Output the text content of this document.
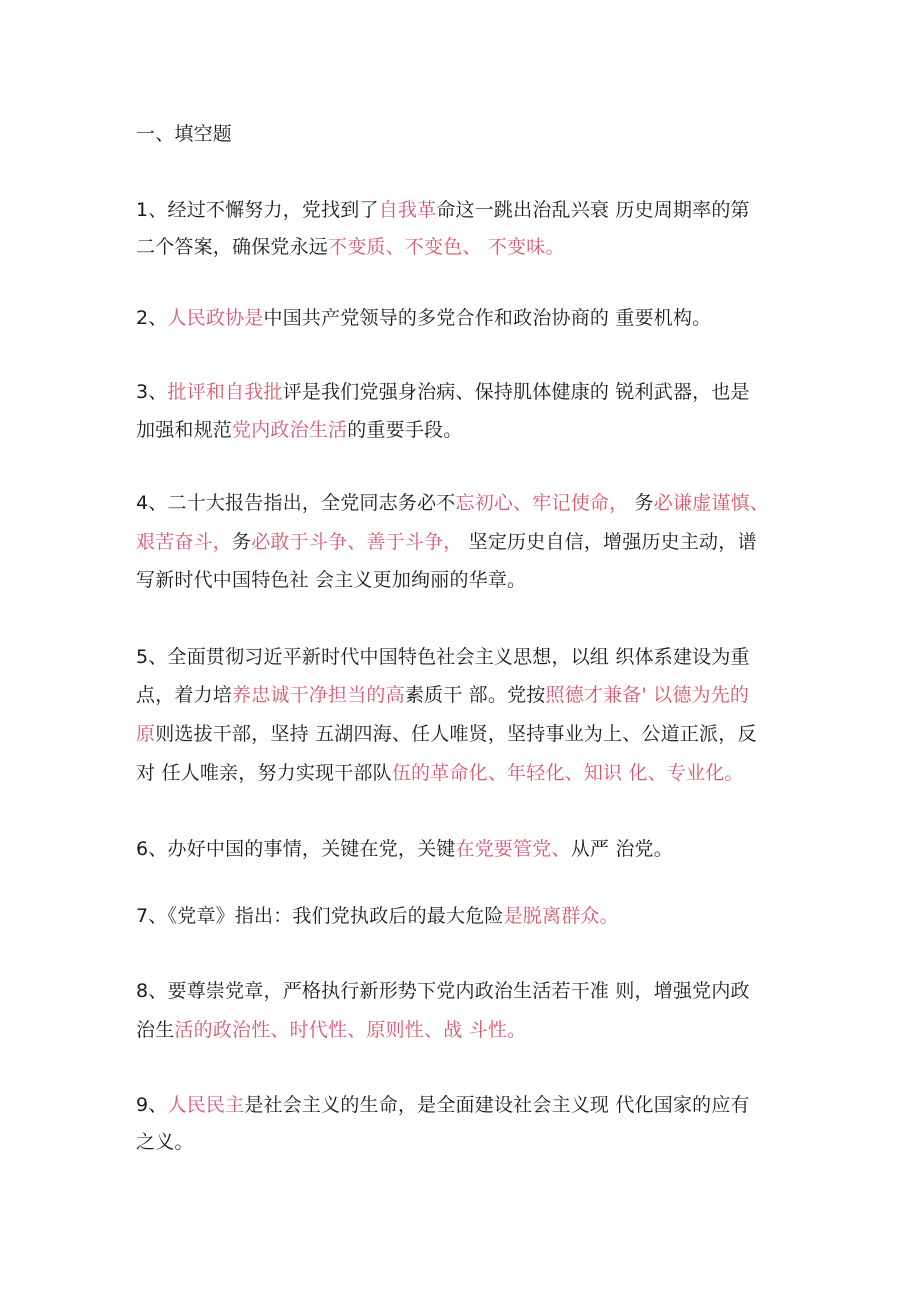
一、填空题
1、经过不懈努力，党找到了自我革命这一跳出治乱兴衰 历史周期率的第
二个答案，确保党永远不变质、不变色、 不变味。
2、人民政协是中国共产党领导的多党合作和政治协商的 重要机构。
3、批评和自我批评是我们党强身治病、保持肌体健康的 锐利武器，也是
加强和规范党内政治生活的重要手段。
4、二十大报告指出，全党同志务必不忘初心、牢记使命， 务必谦虚谨慎、
艰苦奋斗，务必敢于斗争、善于斗争， 坚定历史自信，增强历史主动，谱
写新时代中国特色社 会主义更加绚丽的华章。
5、全面贯彻习近平新时代中国特色社会主义思想，以组 织体系建设为重
点，着力培养忠诚干净担当的高素质干 部。党按照德才兼备' 以德为先的
原则选拔干部，坚持 五湖四海、任人唯贤，坚持事业为上、公道正派，反
对 任人唯亲，努力实现干部队伍的革命化、年轻化、知识 化、专业化。
6、办好中国的事情，关键在党，关键在党要管党、从严 治党。
7、《党章》指出：我们党执政后的最大危险是脱离群众。
8、要尊崇党章，严格执行新形势下党内政治生活若干准 则，增强党内政
治生活的政治性、时代性、原则性、战 斗性。
9、人民民主是社会主义的生命，是全面建设社会主义现 代化国家的应有
之义。
